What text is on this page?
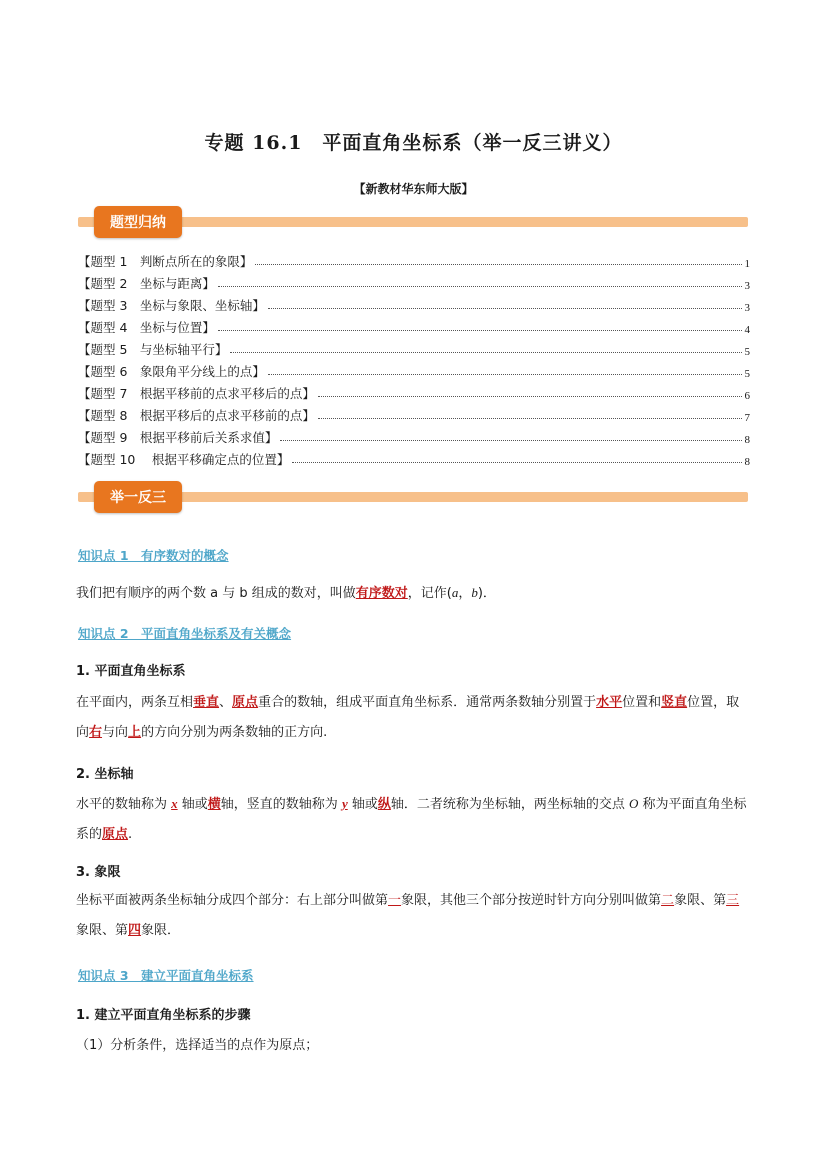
专题 16.1　平面直角坐标系（举一反三讲义）
【新教材华东师大版】
题型归纳
【题型 1　判断点所在的象限】	1
【题型 2　坐标与距离】	3
【题型 3　坐标与象限、坐标轴】	3
【题型 4　坐标与位置】	4
【题型 5　与坐标轴平行】	5
【题型 6　象限角平分线上的点】	5
【题型 7　根据平移前的点求平移后的点】	6
【题型 8　根据平移后的点求平移前的点】	7
【题型 9　根据平移前后关系求值】	8
【题型 10　 根据平移确定点的位置】	8
举一反三
知识点 1　有序数对的概念
我们把有顺序的两个数 a 与 b 组成的数对，叫做有序数对，记作(a，b)．
知识点 2　平面直角坐标系及有关概念
1. 平面直角坐标系
在平面内，两条互相垂直、原点重合的数轴，组成平面直角坐标系．通常两条数轴分别置于水平位置和竖直位置，取向右与向上的方向分别为两条数轴的正方向.
2. 坐标轴
水平的数轴称为 x 轴或横轴，竖直的数轴称为 y 轴或纵轴．二者统称为坐标轴，两坐标轴的交点 O 称为平面直角坐标系的原点.
3. 象限
坐标平面被两条坐标轴分成四个部分：右上部分叫做第一象限，其他三个部分按逆时针方向分别叫做第二象限、第三象限、第四象限．
知识点 3　建立平面直角坐标系
1. 建立平面直角坐标系的步骤
（1）分析条件，选择适当的点作为原点；
